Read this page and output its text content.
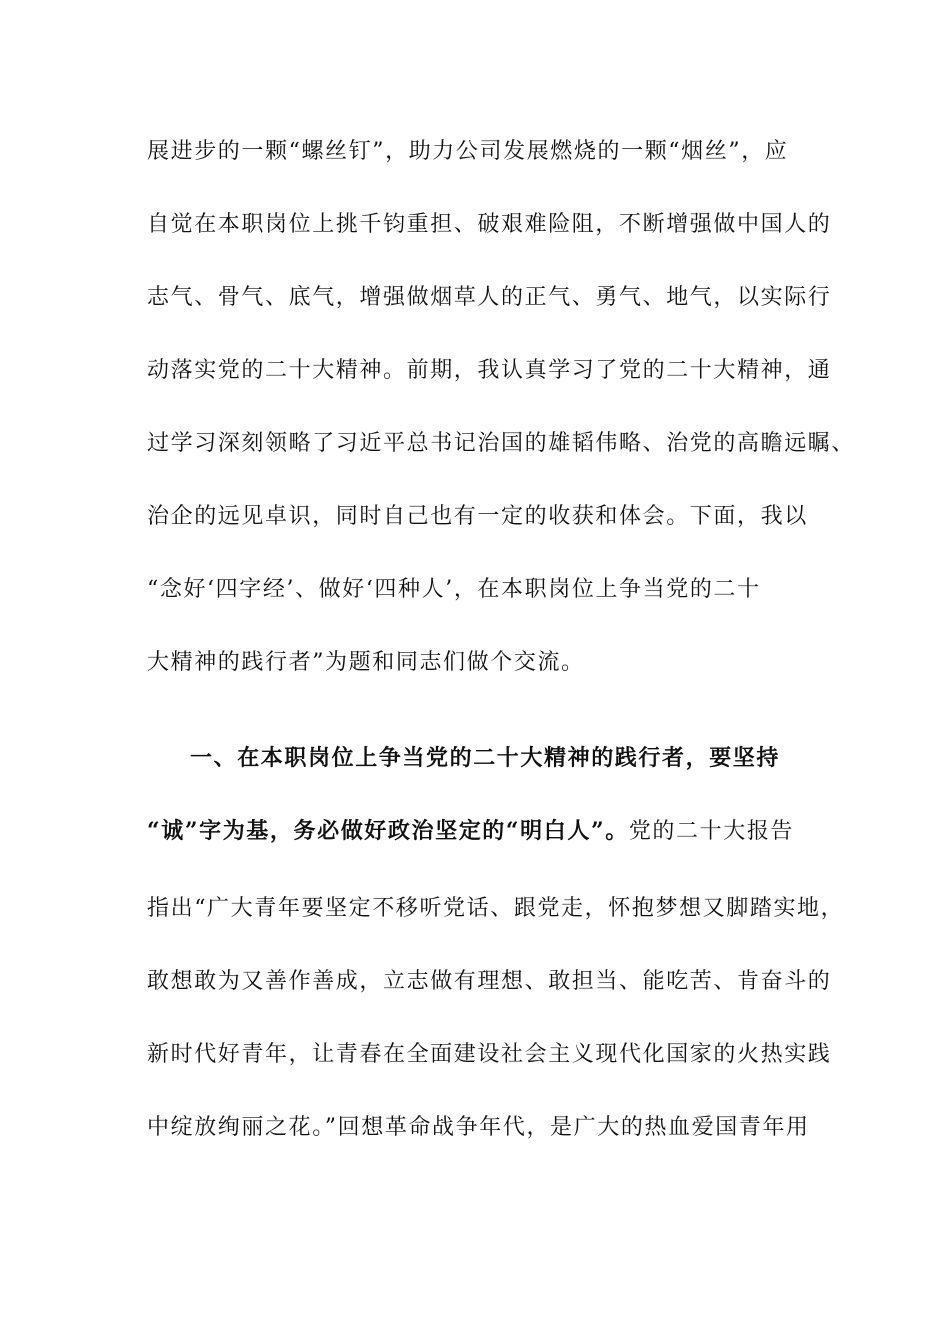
展进步的一颗“螺丝钉”，助力公司发展燃烧的一颗“烟丝”，应
自觉在本职岗位上挑千钧重担、破艰难险阻，不断增强做中国人的
志气、骨气、底气，增强做烟草人的正气、勇气、地气，以实际行
动落实党的二十大精神。前期，我认真学习了党的二十大精神，通
过学习深刻领略了习近平总书记治国的雄韬伟略、治党的高瞻远瞩、
治企的远见卓识，同时自己也有一定的收获和体会。下面，我以
“念好‘四字经’、做好‘四种人’，在本职岗位上争当党的二十
大精神的践行者”为题和同志们做个交流。
一、在本职岗位上争当党的二十大精神的践行者，要坚持
“诚”字为基，务必做好政治坚定的“明白人”。党的二十大报告
指出“广大青年要坚定不移听党话、跟党走，怀抱梦想又脚踏实地，
敢想敢为又善作善成，立志做有理想、敢担当、能吃苦、肯奋斗的
新时代好青年，让青春在全面建设社会主义现代化国家的火热实践
中绽放绚丽之花。”回想革命战争年代，是广大的热血爱国青年用
